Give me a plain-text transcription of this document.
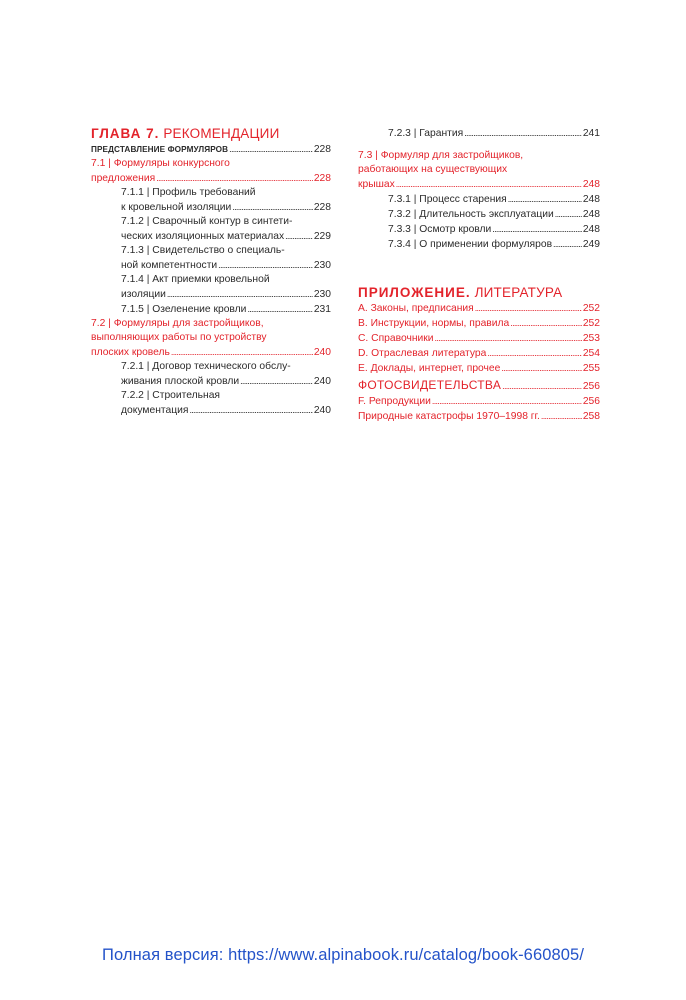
ГЛАВА 7. РЕКОМЕНДАЦИИ
ПРЕДСТАВЛЕНИЕ ФОРМУЛЯРОВ . . .	228
7.1 | Формуляры конкурсного
предложения . . .	228
7.1.1 | Профиль требований
к кровельной изоляции . . .	228
7.1.2 | Сварочный контур в синтети-
ческих изоляционных материалах . . .	229
7.1.3 | Свидетельство о специаль-
ной компетентности . . .	230
7.1.4 | Акт приемки кровельной
изоляции . . .	230
7.1.5 | Озеленение кровли . . .	231
7.2 | Формуляры для застройщиков,
выполняющих работы по устройству
плоских кровель . . .	240
7.2.1 | Договор технического обслу-
живания плоской кровли . . .	240
7.2.2 | Строительная
документация . . .	240
7.2.3 | Гарантия . . .	241
7.3 | Формуляр для застройщиков,
работающих на существующих
крышах . . .	248
7.3.1 | Процесс старения . . .	248
7.3.2 | Длительность эксплуатации . . .	248
7.3.3 | Осмотр кровли . . .	248
7.3.4 | О применении формуляров . . .	249
ПРИЛОЖЕНИЕ. ЛИТЕРАТУРА
A. Законы, предписания . . .	252
B. Инструкции, нормы, правила . . .	252
C. Справочники . . .	253
D. Отраслевая литература . . .	254
E. Доклады, интернет, прочее . . .	255
ФОТОСВИДЕТЕЛЬСТВА . . .	256
F. Репродукции . . .	256
Природные катастрофы 1970–1998 гг. . . .	258
Полная версия: https://www.alpinabook.ru/catalog/book-660805/
